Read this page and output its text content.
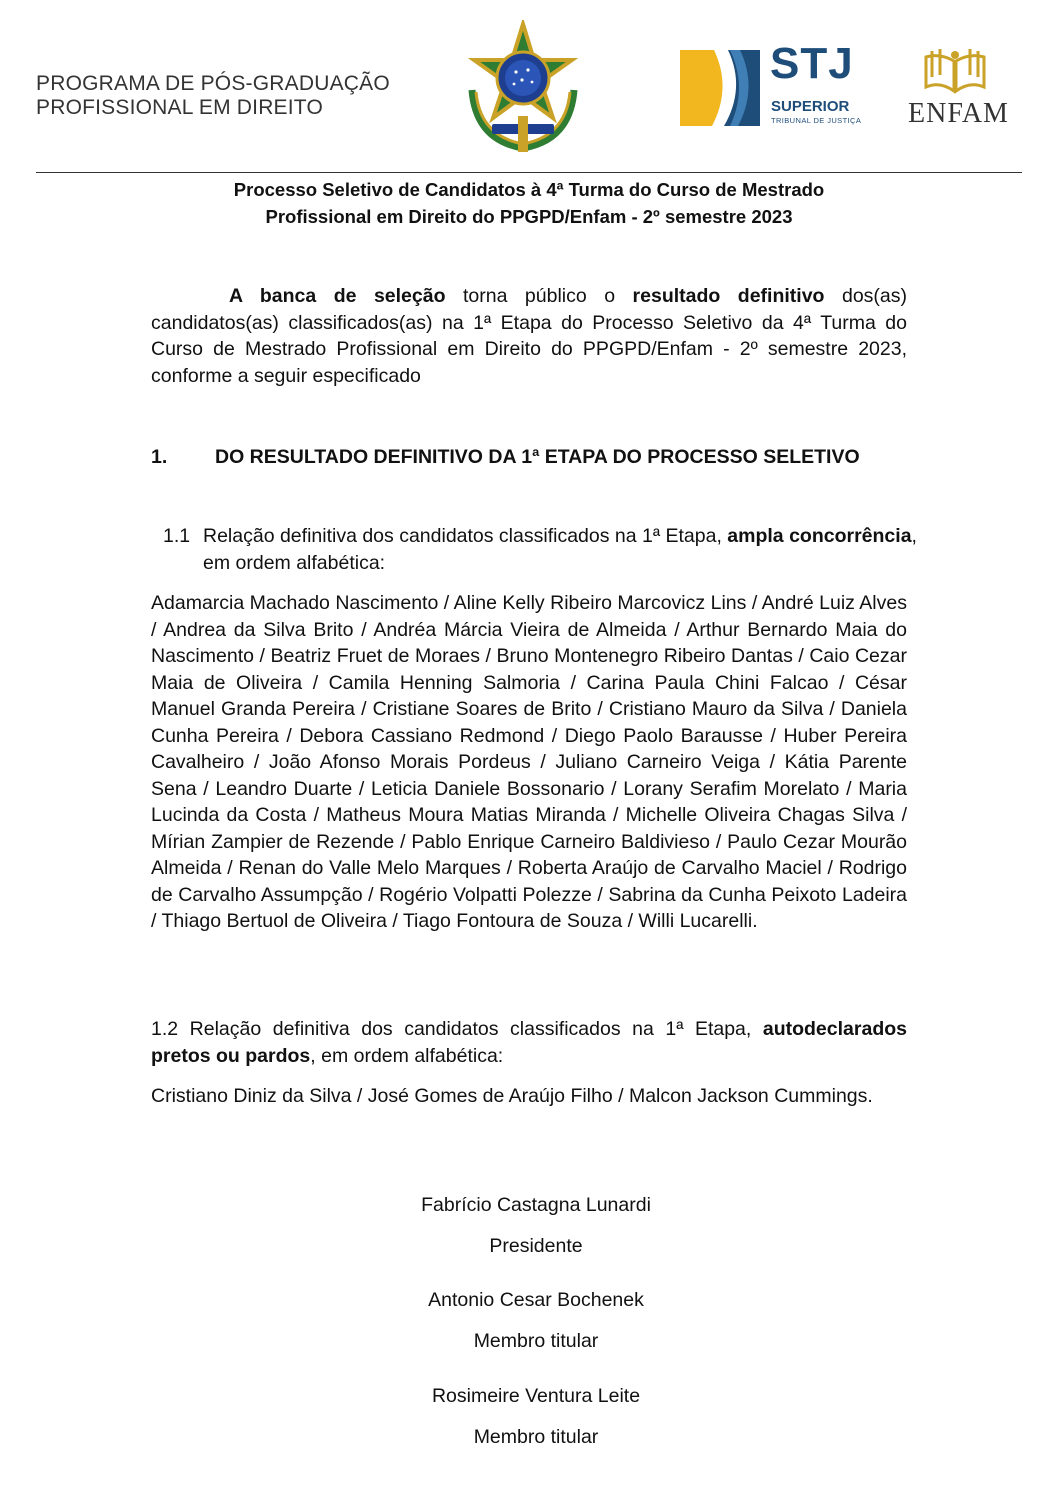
PROGRAMA DE PÓS-GRADUAÇÃO
PROFISSIONAL EM DIREITO
STJ
SUPERIOR
TRIBUNAL DE JUSTIÇA ENFAM
Processo Seletivo de Candidatos à 4ª Turma do Curso de Mestrado
Profissional em Direito do PPGPD/Enfam - 2º semestre 2023
A banca de seleção torna público o resultado definitivo dos(as) candidatos(as) classificados(as) na 1ª Etapa do Processo Seletivo da 4ª Turma do Curso de Mestrado Profissional em Direito do PPGPD/Enfam - 2º semestre 2023, conforme a seguir especificado
1. DO RESULTADO DEFINITIVO DA 1ª ETAPA DO PROCESSO SELETIVO
1.1 Relação definitiva dos candidatos classificados na 1ª Etapa, ampla concorrência, em ordem alfabética:
Adamarcia Machado Nascimento / Aline Kelly Ribeiro Marcovicz Lins / André Luiz Alves / Andrea da Silva Brito / Andréa Márcia Vieira de Almeida / Arthur Bernardo Maia do Nascimento / Beatriz Fruet de Moraes / Bruno Montenegro Ribeiro Dantas / Caio Cezar Maia de Oliveira / Camila Henning Salmoria / Carina Paula Chini Falcao / César Manuel Granda Pereira / Cristiane Soares de Brito / Cristiano Mauro da Silva / Daniela Cunha Pereira / Debora Cassiano Redmond / Diego Paolo Barausse / Huber Pereira Cavalheiro / João Afonso Morais Pordeus / Juliano Carneiro Veiga / Kátia Parente Sena / Leandro Duarte / Leticia Daniele Bossonario / Lorany Serafim Morelato / Maria Lucinda da Costa / Matheus Moura Matias Miranda / Michelle Oliveira Chagas Silva / Mírian Zampier de Rezende / Pablo Enrique Carneiro Baldivieso / Paulo Cezar Mourão Almeida / Renan do Valle Melo Marques / Roberta Araújo de Carvalho Maciel / Rodrigo de Carvalho Assumpção / Rogério Volpatti Polezze / Sabrina da Cunha Peixoto Ladeira / Thiago Bertuol de Oliveira / Tiago Fontoura de Souza / Willi Lucarelli.
1.2 Relação definitiva dos candidatos classificados na 1ª Etapa, autodeclarados pretos ou pardos, em ordem alfabética:
Cristiano Diniz da Silva / José Gomes de Araújo Filho / Malcon Jackson Cummings.
Fabrício Castagna Lunardi
Presidente
Antonio Cesar Bochenek
Membro titular
Rosimeire Ventura Leite
Membro titular
